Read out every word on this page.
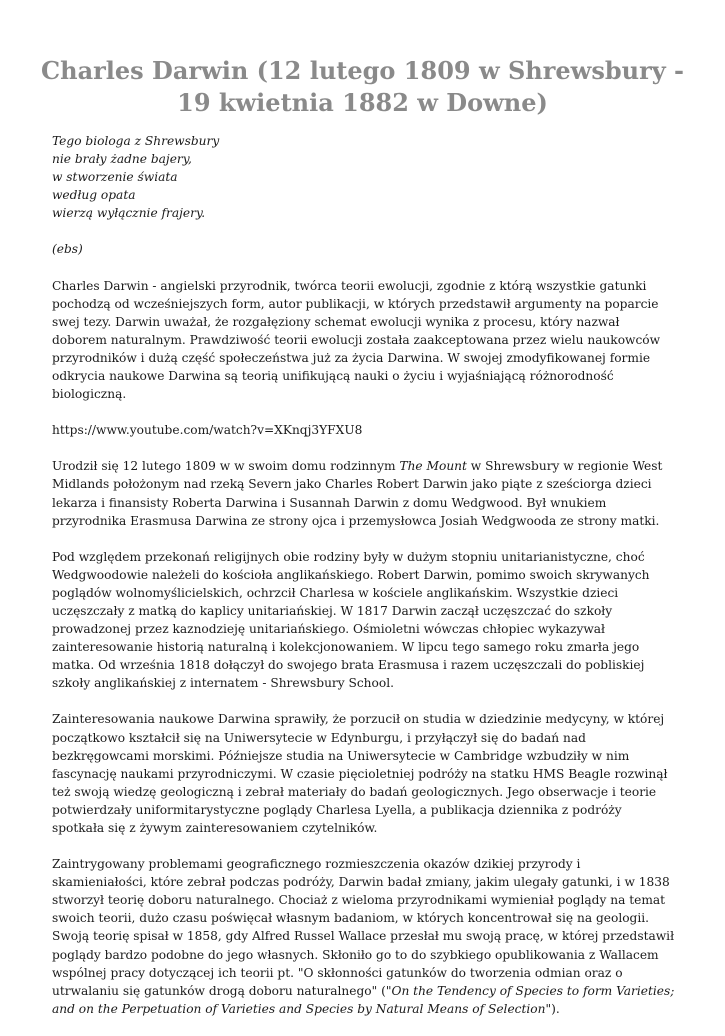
Charles Darwin (12 lutego 1809 w Shrewsbury - 19 kwietnia 1882 w Downe)
Tego biologa z Shrewsbury
nie brały żadne bajery,
w stworzenie świata
według opata
wierzą wyłącznie frajery.
(ebs)

Charles Darwin - angielski przyrodnik, twórca teorii ewolucji, zgodnie z którą wszystkie gatunki pochodzą od wcześniejszych form, autor publikacji, w których przedstawił argumenty na poparcie swej tezy. Darwin uważał, że rozgałęziony schemat ewolucji wynika z procesu, który nazwał doborem naturalnym. Prawdziwość teorii ewolucji została zaakceptowana przez wielu naukowców przyrodników i dużą część społeczeństwa już za życia Darwina. W swojej zmodyfikowanej formie odkrycia naukowe Darwina są teorią unifikującą nauki o życiu i wyjaśniającą różnorodność biologiczną.

https://www.youtube.com/watch?v=XKnqj3YFXU8

Urodził się 12 lutego 1809 w w swoim domu rodzinnym The Mount w Shrewsbury w regionie West Midlands położonym nad rzeką Severn jako Charles Robert Darwin jako piąte z sześciorga dzieci lekarza i finansisty Roberta Darwina i Susannah Darwin z domu Wedgwood. Był wnukiem przyrodnika Erasmusa Darwina ze strony ojca i przemysłowca Josiah Wedgwooda ze strony matki.

Pod względem przekonań religijnych obie rodziny były w dużym stopniu unitarianistyczne, choć Wedgwoodowie należeli do kościoła anglikańskiego. Robert Darwin, pomimo swoich skrywanych poglądów wolnomyślicielskich, ochrzcił Charlesa w kościele anglikańskim. Wszystkie dzieci uczęszczały z matką do kaplicy unitariańskiej. W 1817 Darwin zaczął uczęszczać do szkoły prowadzonej przez kaznodzieję unitariańskiego. Ośmioletni wówczas chłopiec wykazywał zainteresowanie historią naturalną i kolekcjonowaniem. W lipcu tego samego roku zmarła jego matka. Od września 1818 dołączył do swojego brata Erasmusa i razem uczęszczali do pobliskiej szkoły anglikańskiej z internatem - Shrewsbury School.

Zainteresowania naukowe Darwina sprawiły, że porzucił on studia w dziedzinie medycyny, w której początkowo kształcił się na Uniwersytecie w Edynburgu, i przyłączył się do badań nad bezkręgowcami morskimi. Późniejsze studia na Uniwersytecie w Cambridge wzbudziły w nim fascynację naukami przyrodniczymi. W czasie pięcioletniej podróży na statku HMS Beagle rozwinął też swoją wiedzę geologiczną i zebrał materiały do badań geologicznych. Jego obserwacje i teorie potwierdzały uniformitarystyczne poglądy Charlesa Lyella, a publikacja dziennika z podróży spotkała się z żywym zainteresowaniem czytelników.

Zaintrygowany problemami geograficznego rozmieszczenia okazów dzikiej przyrody i skamieniałości, które zebrał podczas podróży, Darwin badał zmiany, jakim ulegały gatunki, i w 1838 stworzył teorię doboru naturalnego. Chociaż z wieloma przyrodnikami wymieniał poglądy na temat swoich teorii, dużo czasu poświęcał własnym badaniom, w których koncentrował się na geologii. Swoją teorię spisał w 1858, gdy Alfred Russel Wallace przesłał mu swoją pracę, w której przedstawił poglądy bardzo podobne do jego własnych. Skłoniło go to do szybkiego opublikowania z Wallacem wspólnej pracy dotyczącej ich teorii pt. "O skłonności gatunków do tworzenia odmian oraz o utrwalaniu się gatunków drogą doboru naturalnego" ("On the Tendency of Species to form Varieties; and on the Perpetuation of Varieties and Species by Natural Means of Selection").
